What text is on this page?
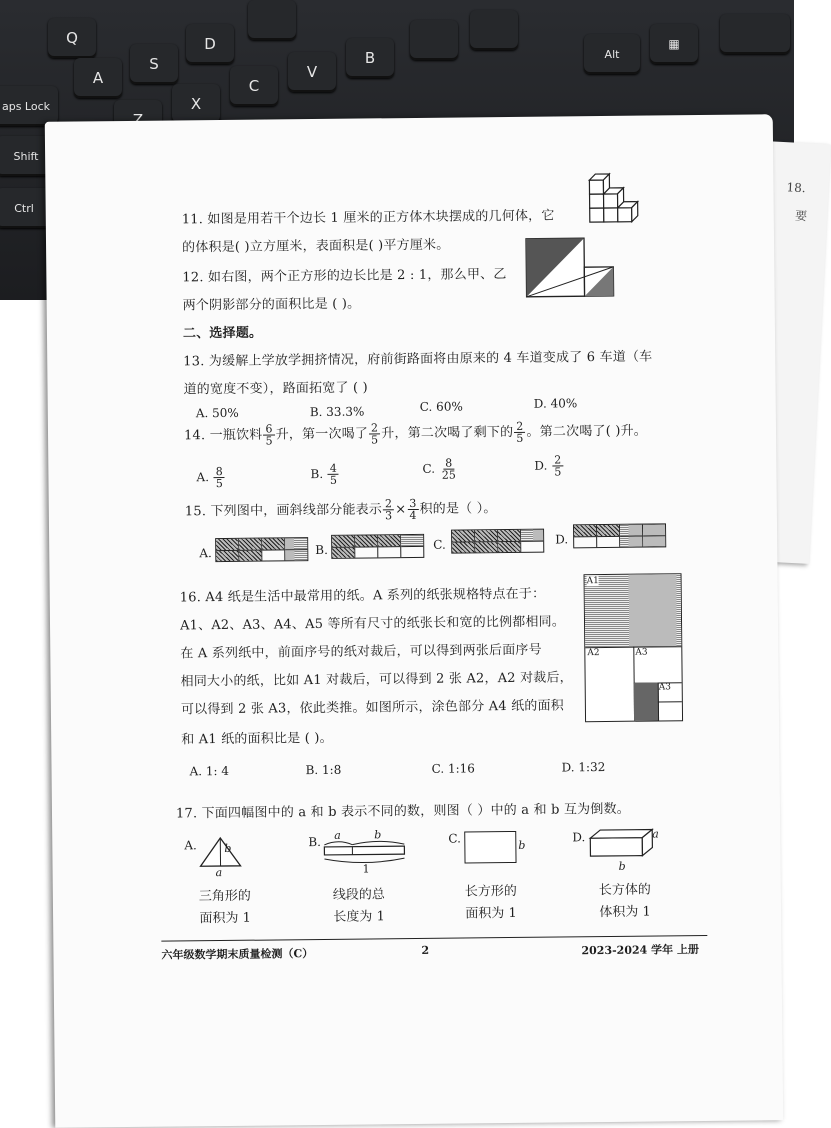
Q	D
A
S
C
V
B
X
Alt
aps Lock
Shift
Ctrl
▦
18.
要
11. 如图是用若干个边长 1 厘米的正方体木块摆成的几何体，它
的体积是( )立方厘米，表面积是( )平方厘米。
12. 如右图，两个正方形的边长比是 2 : 1，那么甲、乙
两个阴影部分的面积比是 ( )。
二、选择题。
13. 为缓解上学放学拥挤情况，府前街路面将由原来的 4 车道变成了 6 车道（车
道的宽度不变），路面拓宽了 ( )
A. 50%	B. 33.3%	C. 60%	D. 40%
14. 一瓶饮料 $\frac{6}{5}$ 升，第一次喝了 $\frac{2}{5}$ 升，第二次喝了剩下的 $\frac{2}{5}$ 。第二次喝了( )升。
A. $\frac{8}{5}$	B. $\frac{4}{5}$	C. $\frac{8}{25}$	D. $\frac{2}{5}$
15. 下列图中，画斜线部分能表示 $\frac{2}{3} \times \frac{3}{4}$ 积的是（ ）。
A.	B.	C.	D.
16. A4 纸是生活中最常用的纸。A 系列的纸张规格特点在于：
A1、A2、A3、A4、A5 等所有尺寸的纸张长和宽的比例都相同。
在 A 系列纸中，前面序号的纸对裁后，可以得到两张后面序号
相同大小的纸，比如 A1 对裁后，可以得到 2 张 A2，A2 对裁后，
可以得到 2 张 A3，依此类推。如图所示，涂色部分 A4 纸的面积
和 A1 纸的面积比是 ( )。
A1
A2	A3
A3
A. 1: 4	B. 1:8	C. 1:16	D. 1:32
17. 下面四幅图中的 a 和 b 表示不同的数，则图（ ）中的 a 和 b 互为倒数。
A. b
a
B. a	b
1
C.	b
D.	a
b
三角形的
面积为 1
线段的总
长度为 1
长方形的
面积为 1
长方体的
体积为 1
六年级数学期末质量检测（C）	2	2023-2024 学年 上册
